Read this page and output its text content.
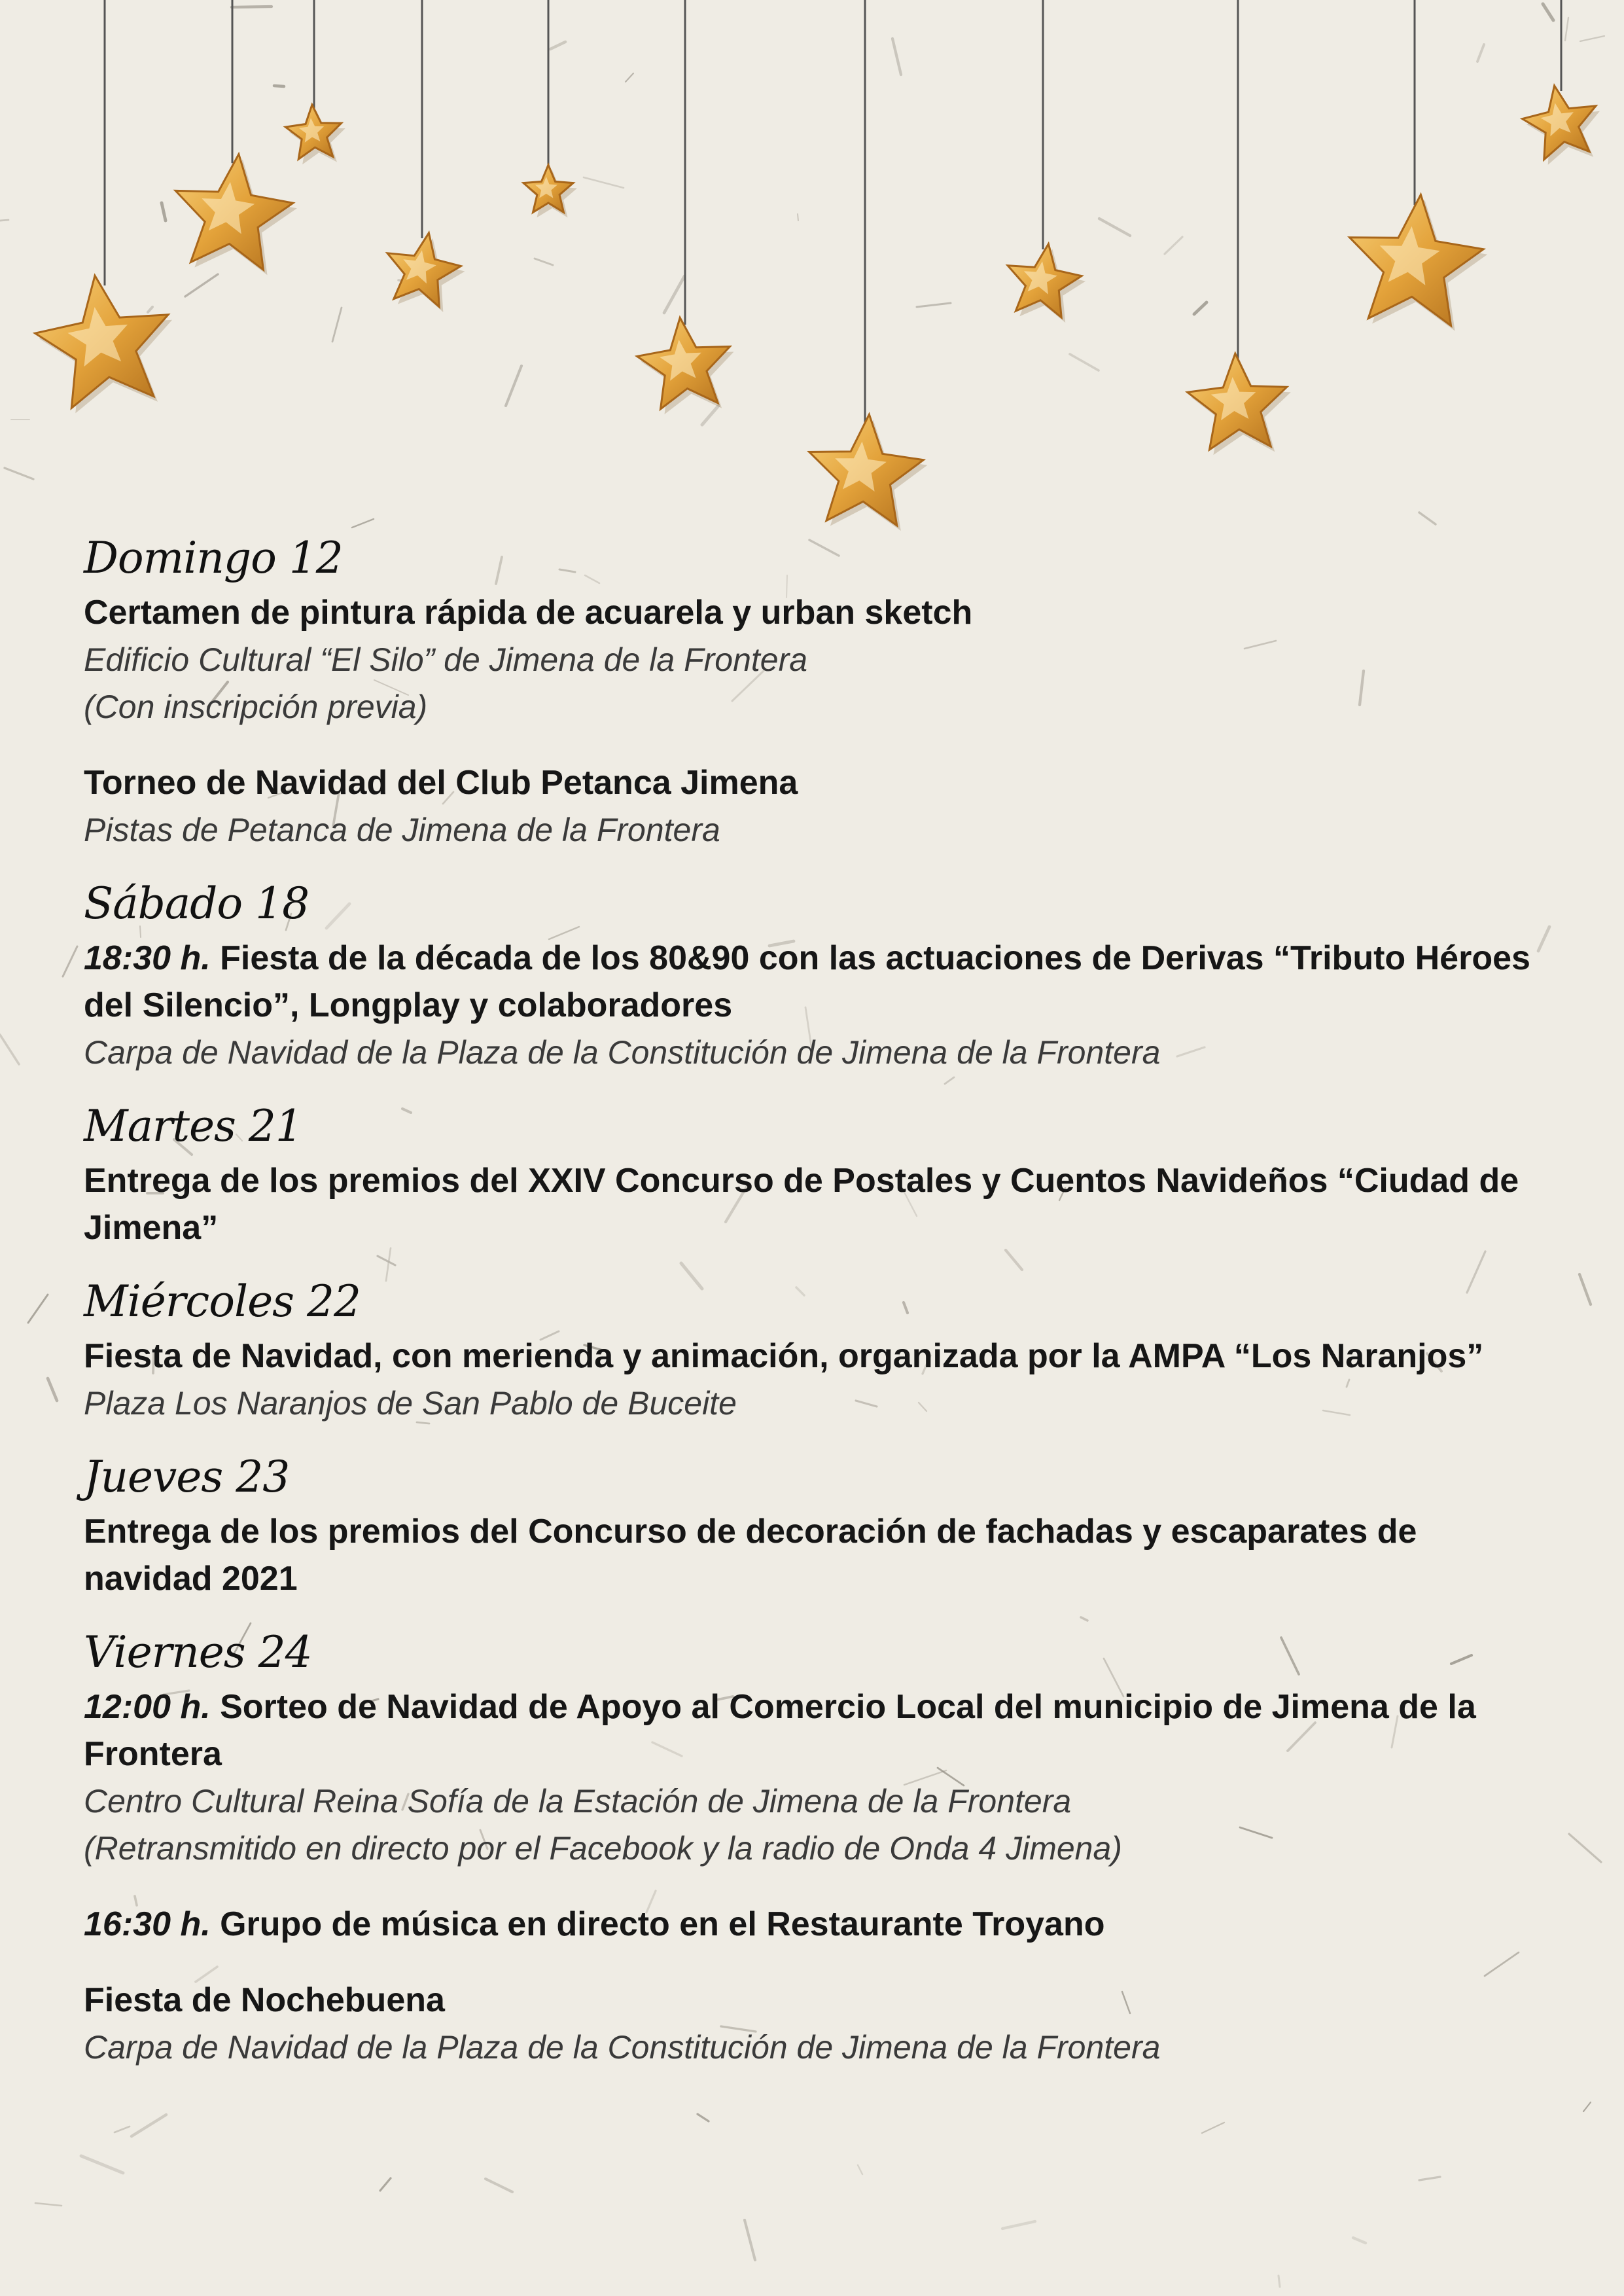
Domingo 12
Certamen de pintura rápida de acuarela y urban sketch
Edificio Cultural “El Silo” de Jimena de la Frontera
(Con inscripción previa)
Torneo de Navidad del Club Petanca Jimena
Pistas de Petanca de Jimena de la Frontera
Sábado 18
18:30 h. Fiesta de la década de los 80&90 con las actuaciones de Derivas “Tributo Héroes del Silencio”, Longplay y colaboradores
Carpa de Navidad de la Plaza de la Constitución de Jimena de la Frontera
Martes 21
Entrega de los premios del XXIV Concurso de Postales y Cuentos Navideños “Ciudad de Jimena”
Miércoles 22
Fiesta de Navidad, con merienda y animación, organizada por la AMPA “Los Naranjos”
Plaza Los Naranjos de San Pablo de Buceite
Jueves 23
Entrega de los premios del Concurso de decoración de fachadas y escaparates de navidad 2021
Viernes 24
12:00 h. Sorteo de Navidad de Apoyo al Comercio Local del municipio de Jimena de la Frontera
Centro Cultural Reina Sofía de la Estación de Jimena de la Frontera
(Retransmitido en directo por el Facebook y la radio de Onda 4 Jimena)
16:30 h. Grupo de música en directo en el Restaurante Troyano
Fiesta de Nochebuena
Carpa de Navidad de la Plaza de la Constitución de Jimena de la Frontera
